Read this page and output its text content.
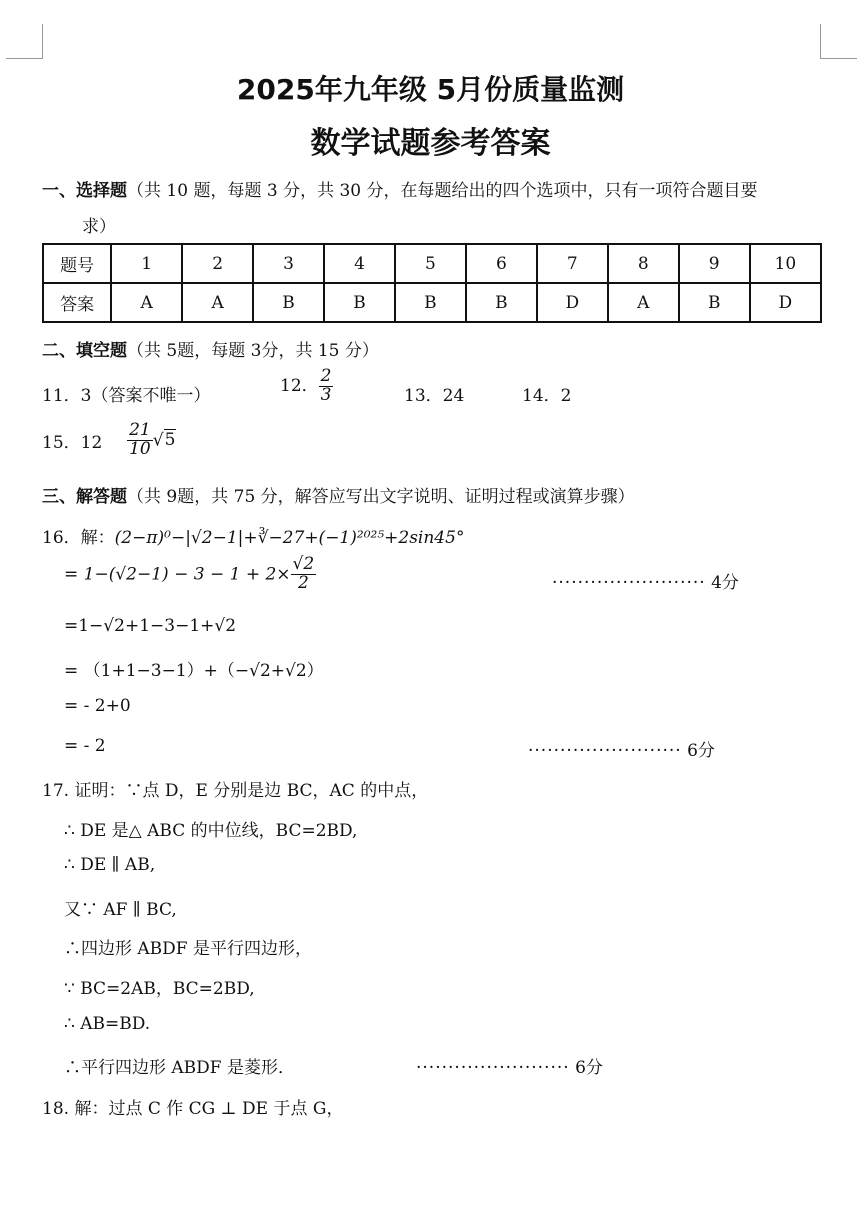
2025年九年级 5月份质量监测
数学试题参考答案
一、选择题（共 10 题，每题 3 分，共 30 分，在每题给出的四个选项中，只有一项符合题目要
求）
题号	1	2	3	4	5	6	7	8	9	10
答案	A	A	B	B	B	B	D	A	B	D
二、填空题（共 5题，每题 3分，共 15 分）
11．3（答案不唯一）
12． $\frac{2}{3}$	13．24	14．2
15．$12 \frac{21}{10} √5$
三、解答题（共 9题，共 75 分，解答应写出文字说明、证明过程或演算步骤）
16．解：(2−π)⁰−|√2−1|+∛−27+(−1)²⁰²⁵+2sin45°
= $1-(√2-1) - 3 - 1 + 2\times \frac{√2}{2}$	························ 4分
=1−√2+1−3−1+√2
= （1+1−3−1）+（−√2+√2）
= - 2+0
= - 2	························ 6分
17. 证明：∵点 D，E 分别是边 BC，AC 的中点，
∴ DE 是△ ABC 的中位线，BC=2BD,
∴ DE ∥ AB,
又∵ AF ∥ BC,
∴四边形 ABDF 是平行四边形，
∵ BC=2AB，BC=2BD,
∴ AB=BD.
∴平行四边形 ABDF 是菱形．	························ 6分
18. 解：过点 C 作 CG ⊥ DE 于点 G，
